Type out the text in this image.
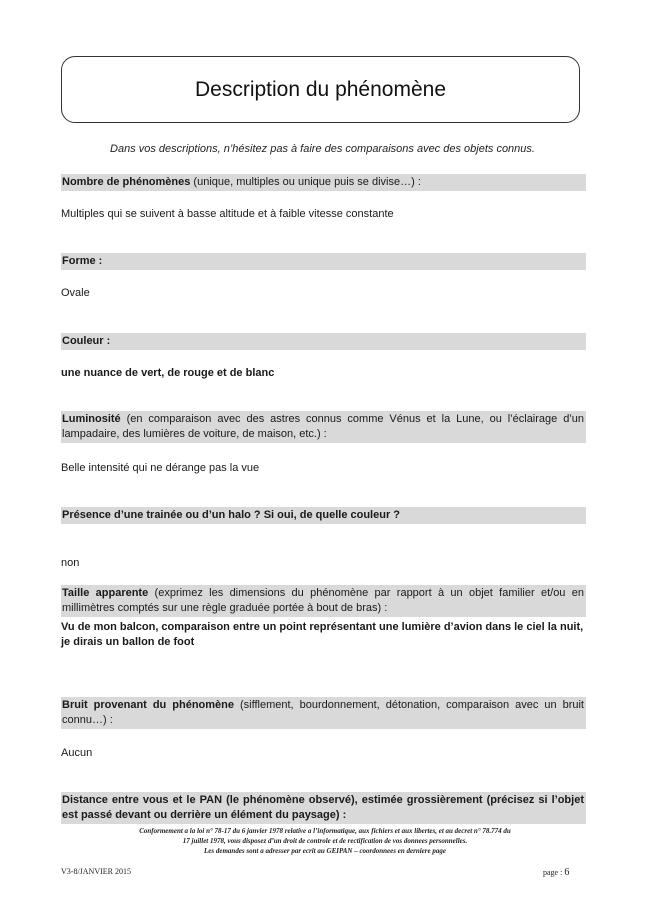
Description du phénomène
Dans vos descriptions, n’hésitez pas à faire des comparaisons avec des objets connus.
Nombre de phénomènes (unique, multiples ou unique puis se divise…) :
Multiples qui se suivent à basse altitude et à faible vitesse constante
Forme :
Ovale
Couleur :
une nuance de vert, de rouge et de blanc
Luminosité (en comparaison avec des astres connus comme Vénus et la Lune, ou l’éclairage d’un lampadaire, des lumières de voiture, de maison, etc.) :
Belle intensité qui ne dérange pas la vue
Présence d’une trainée ou d’un halo ? Si oui, de quelle couleur ?
non
Taille apparente (exprimez les dimensions du phénomène par rapport à un objet familier et/ou en millimètres comptés sur une règle graduée portée à bout de bras) :
Vu de mon balcon, comparaison entre un point représentant une lumière d’avion dans le ciel la nuit, je dirais un ballon de foot
Bruit provenant du phénomène (sifflement, bourdonnement, détonation, comparaison avec un bruit connu…) :
Aucun
Distance entre vous et le PAN (le phénomène observé), estimée grossièrement (précisez si l’objet est passé devant ou derrière un élément du paysage) :
Conformement a la loi n° 78-17 du 6 janvier 1978 relative a l’informatique, aux fichiers et aux libertes, et au decret n° 78.774 du
17 juillet 1978, vous disposez d’un droit de controle et de rectification de vos donnees personnelles.
Les demandes sont a adresser par ecrit au GEIPAN – coordonnees en derniere page
V3-8/JANVIER 2015	page : 6
